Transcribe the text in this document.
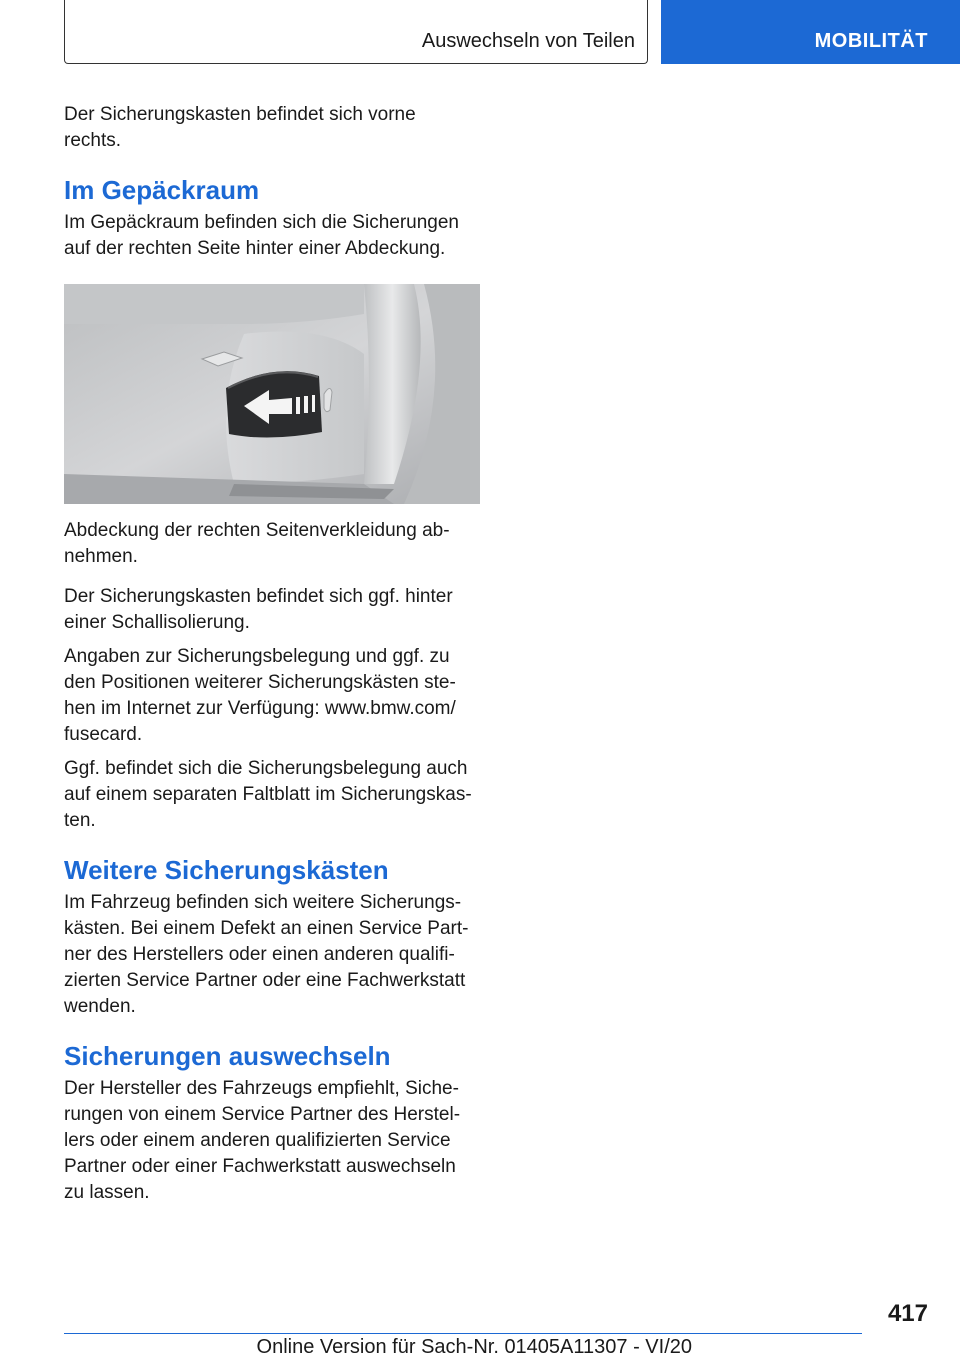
Auswechseln von Teilen	MOBILITÄT

Der Sicherungskasten befindet sich vorne
rechts.

Im Gepäckraum

Im Gepäckraum befinden sich die Sicherungen
auf der rechten Seite hinter einer Abdeckung.

Abdeckung der rechten Seitenverkleidung ab‐
nehmen.

Der Sicherungskasten befindet sich ggf. hinter
einer Schallisolierung.

Angaben zur Sicherungsbelegung und ggf. zu
den Positionen weiterer Sicherungskästen ste‐
hen im Internet zur Verfügung: www.bmw.com/
fusecard.

Ggf. befindet sich die Sicherungsbelegung auch
auf einem separaten Faltblatt im Sicherungskas‐
ten.

Weitere Sicherungskästen

Im Fahrzeug befinden sich weitere Sicherungs‐
kästen. Bei einem Defekt an einen Service Part‐
ner des Herstellers oder einen anderen qualifi‐
zierten Service Partner oder eine Fachwerkstatt
wenden.

Sicherungen auswechseln

Der Hersteller des Fahrzeugs empfiehlt, Siche‐
rungen von einem Service Partner des Herstel‐
lers oder einem anderen qualifizierten Service
Partner oder einer Fachwerkstatt auswechseln
zu lassen.

417
Online Version für Sach-Nr. 01405A11307 - VI/20
